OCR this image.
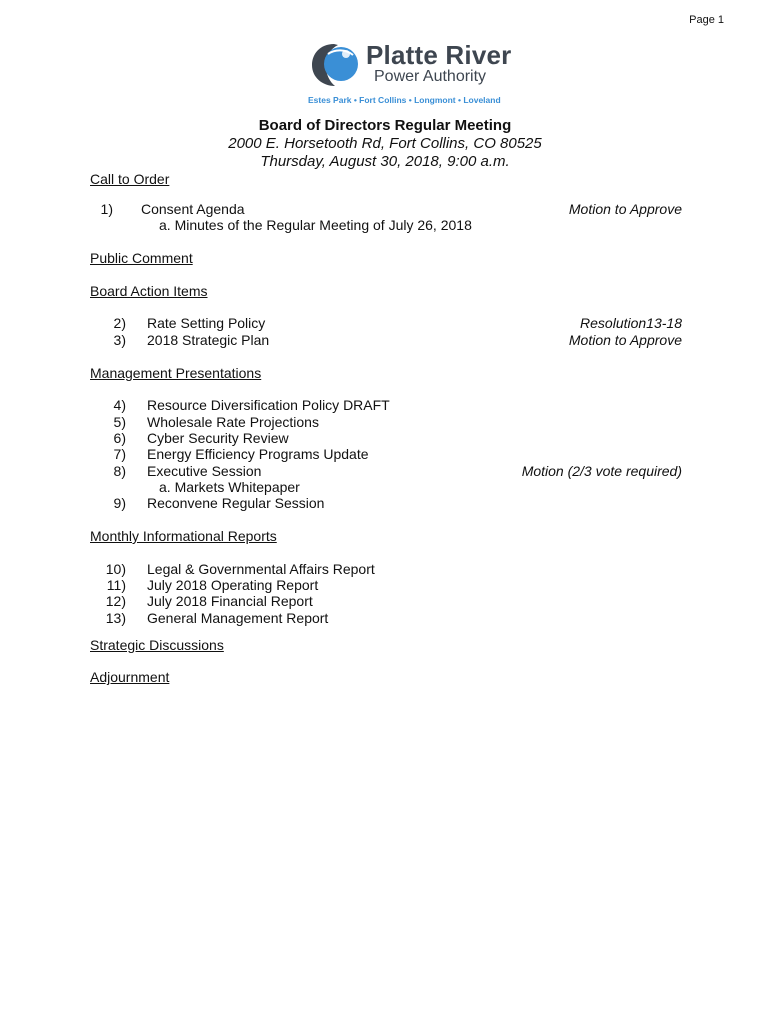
Page 1
Platte River
Power Authority
Estes Park • Fort Collins • Longmont • Loveland
Board of Directors Regular Meeting
2000 E. Horsetooth Rd, Fort Collins, CO 80525
Thursday, August 30, 2018, 9:00 a.m.
Call to Order
1) Consent Agenda	Motion to Approve
a. Minutes of the Regular Meeting of July 26, 2018
Public Comment
Board Action Items
2) Rate Setting Policy	Resolution13-18
3) 2018 Strategic Plan	Motion to Approve
Management Presentations
4) Resource Diversification Policy DRAFT
5) Wholesale Rate Projections
6) Cyber Security Review
7) Energy Efficiency Programs Update
8) Executive Session	Motion (2/3 vote required)
a. Markets Whitepaper
9) Reconvene Regular Session
Monthly Informational Reports
10) Legal & Governmental Affairs Report
11) July 2018 Operating Report
12) July 2018 Financial Report
13) General Management Report
Strategic Discussions
Adjournment
